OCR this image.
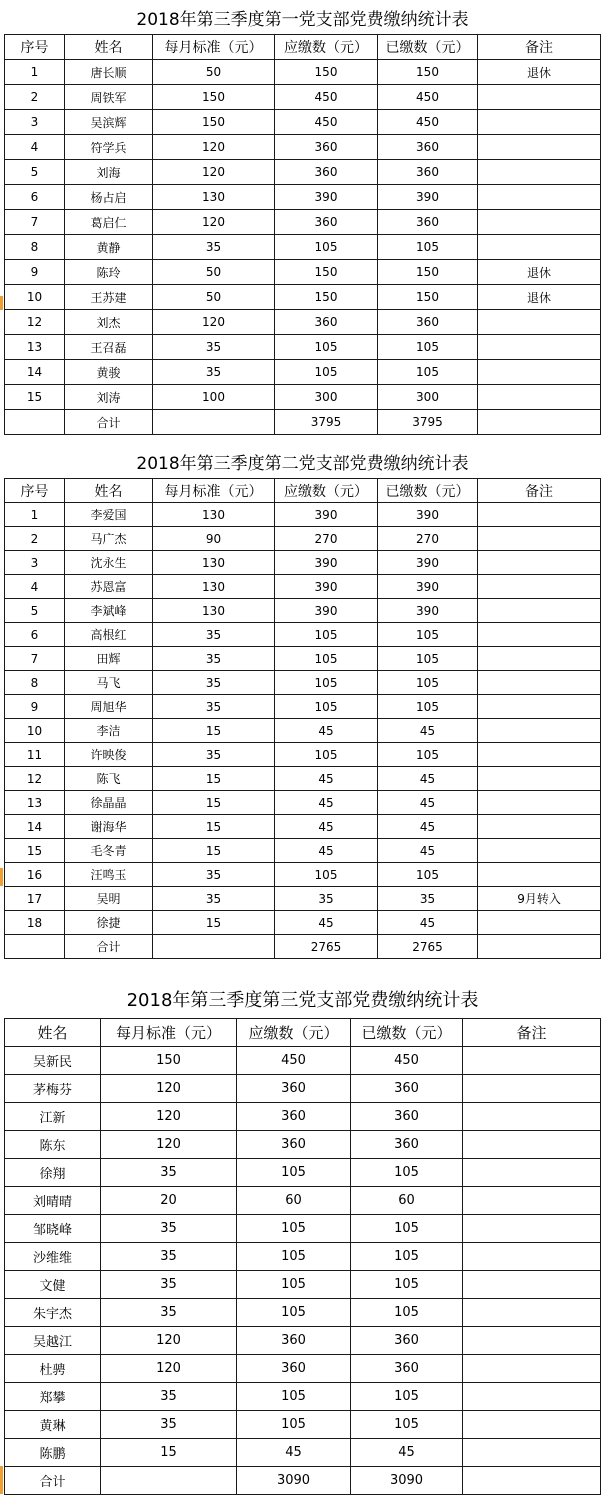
2018年第三季度第一党支部党费缴纳统计表					
序号	姓名	每月标准（元）	应缴数（元）	已缴数（元）	备注
1	唐长顺	50	150	150	退休
2	周铁军	150	450	450	
3	吴滨辉	150	450	450	
4	符学兵	120	360	360	
5	刘海	120	360	360	
6	杨占启	130	390	390	
7	葛启仁	120	360	360	
8	黄静	35	105	105	
9	陈玲	50	150	150	退休
10	王苏建	50	150	150	退休
12	刘杰	120	360	360	
13	王召磊	35	105	105	
14	黄骏	35	105	105	
15	刘涛	100	300	300	
	合计		3795	3795	
2018年第三季度第二党支部党费缴纳统计表					
序号	姓名	每月标准（元）	应缴数（元）	已缴数（元）	备注
1	李爱国	130	390	390	
2	马广杰	90	270	270	
3	沈永生	130	390	390	
4	苏恩富	130	390	390	
5	李斌峰	130	390	390	
6	高根红	35	105	105	
7	田辉	35	105	105	
8	马飞	35	105	105	
9	周旭华	35	105	105	
10	李洁	15	45	45	
11	许映俊	35	105	105	
12	陈飞	15	45	45	
13	徐晶晶	15	45	45	
14	谢海华	15	45	45	
15	毛冬青	15	45	45	
16	汪鸣玉	35	105	105	
17	吴明	35	35	35	9月转入
18	徐捷	15	45	45	
	合计		2765	2765	
2018年第三季度第三党支部党费缴纳统计表				
姓名	每月标准（元）	应缴数（元）	已缴数（元）	备注
吴新民	150	450	450	
茅梅芬	120	360	360	
江新	120	360	360	
陈东	120	360	360	
徐翔	35	105	105	
刘晴晴	20	60	60	
邹晓峰	35	105	105	
沙维维	35	105	105	
文健	35	105	105	
朱宇杰	35	105	105	
吴越江	120	360	360	
杜骋	120	360	360	
郑攀	35	105	105	
黄琳	35	105	105	
陈鹏	15	45	45	
合计		3090	3090	
